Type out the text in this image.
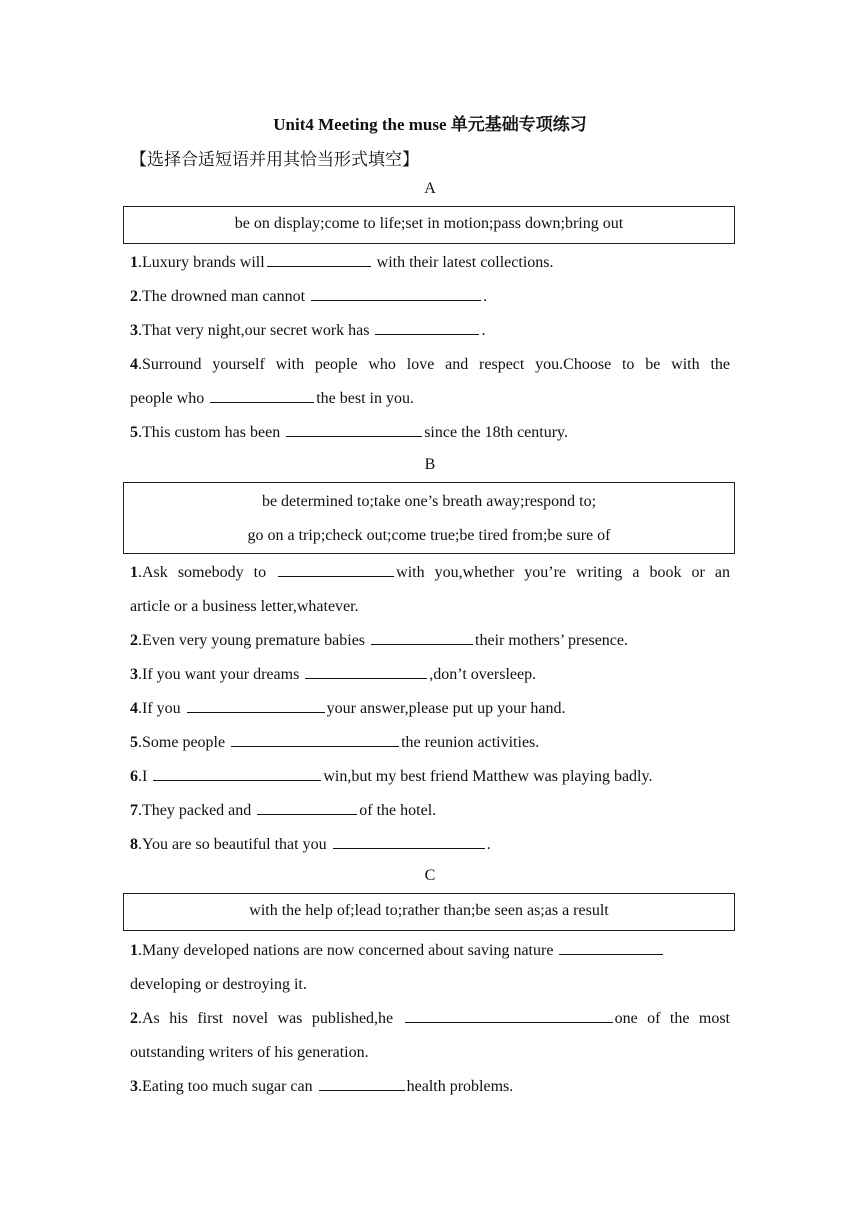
Unit4 Meeting the muse 单元基础专项练习
【选择合适短语并用其恰当形式填空】
A
be on display;come to life;set in motion;pass down;bring out
1.Luxury brands will	with their latest collections.
2.The drowned man cannot	.
3.That very night,our secret work has	.
4.Surround yourself with people who love and respect you.Choose to be with the
people who	the best in you.
5.This custom has been	since the 18th century.
B
be determined to;take one’s breath away;respond to;
go on a trip;check out;come true;be tired from;be sure of
1.Ask somebody to	with you,whether you’re writing a book or an
article or a business letter,whatever.
2.Even very young premature babies	their mothers’ presence.
3.If you want your dreams	,don’t oversleep.
4.If you	your answer,please put up your hand.
5.Some people	the reunion activities.
6.I	win,but my best friend Matthew was playing badly.
7.They packed and	of the hotel.
8.You are so beautiful that you	.
C
with the help of;lead to;rather than;be seen as;as a result
1.Many developed nations are now concerned about saving nature
developing or destroying it.
2.As his first novel was published,he	one of the most
outstanding writers of his generation.
3.Eating too much sugar can	health problems.
